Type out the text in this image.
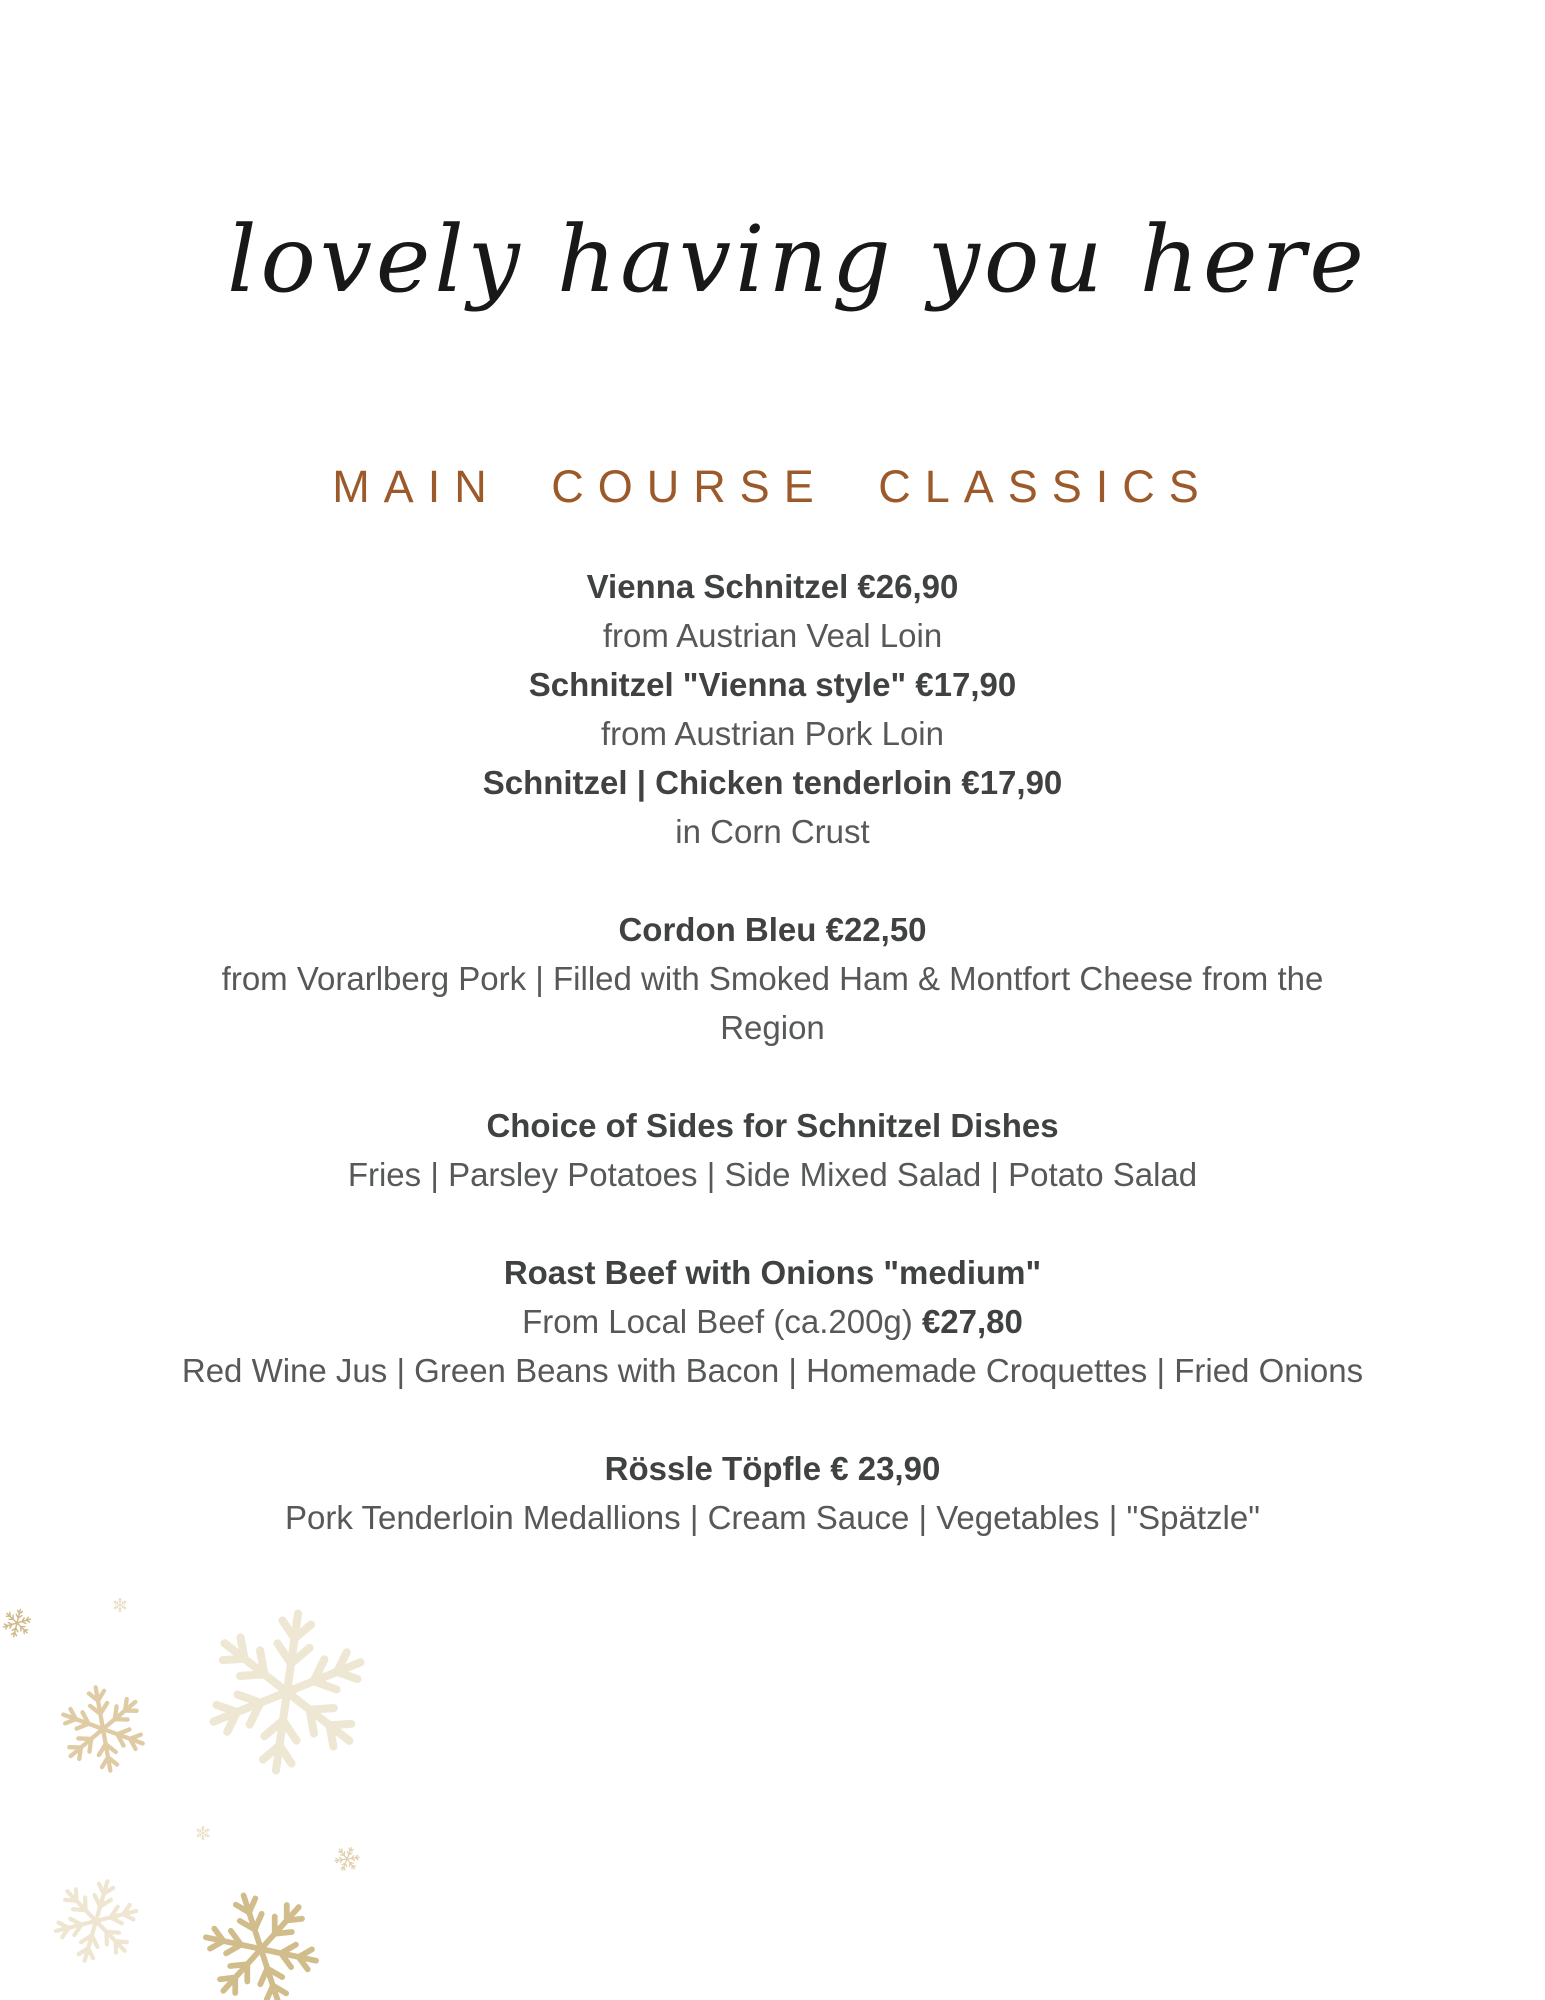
lovely having you here
MAIN COURSE CLASSICS

Vienna Schnitzel €26,90

from Austrian Veal Loin

Schnitzel "Vienna style" €17,90

from Austrian Pork Loin

Schnitzel | Chicken tenderloin €17,90

in Corn Crust

Cordon Bleu €22,50

from Vorarlberg Pork | Filled with Smoked Ham & Montfort Cheese from the

Region

Choice of Sides for Schnitzel Dishes

Fries | Parsley Potatoes | Side Mixed Salad | Potato Salad

Roast Beef with Onions "medium"

From Local Beef (ca.200g) €27,80

Red Wine Jus | Green Beans with Bacon | Homemade Croquettes | Fried Onions

Rössle Töpfle € 23,90

Pork Tenderloin Medallions | Cream Sauce | Vegetables | "Spätzle"
